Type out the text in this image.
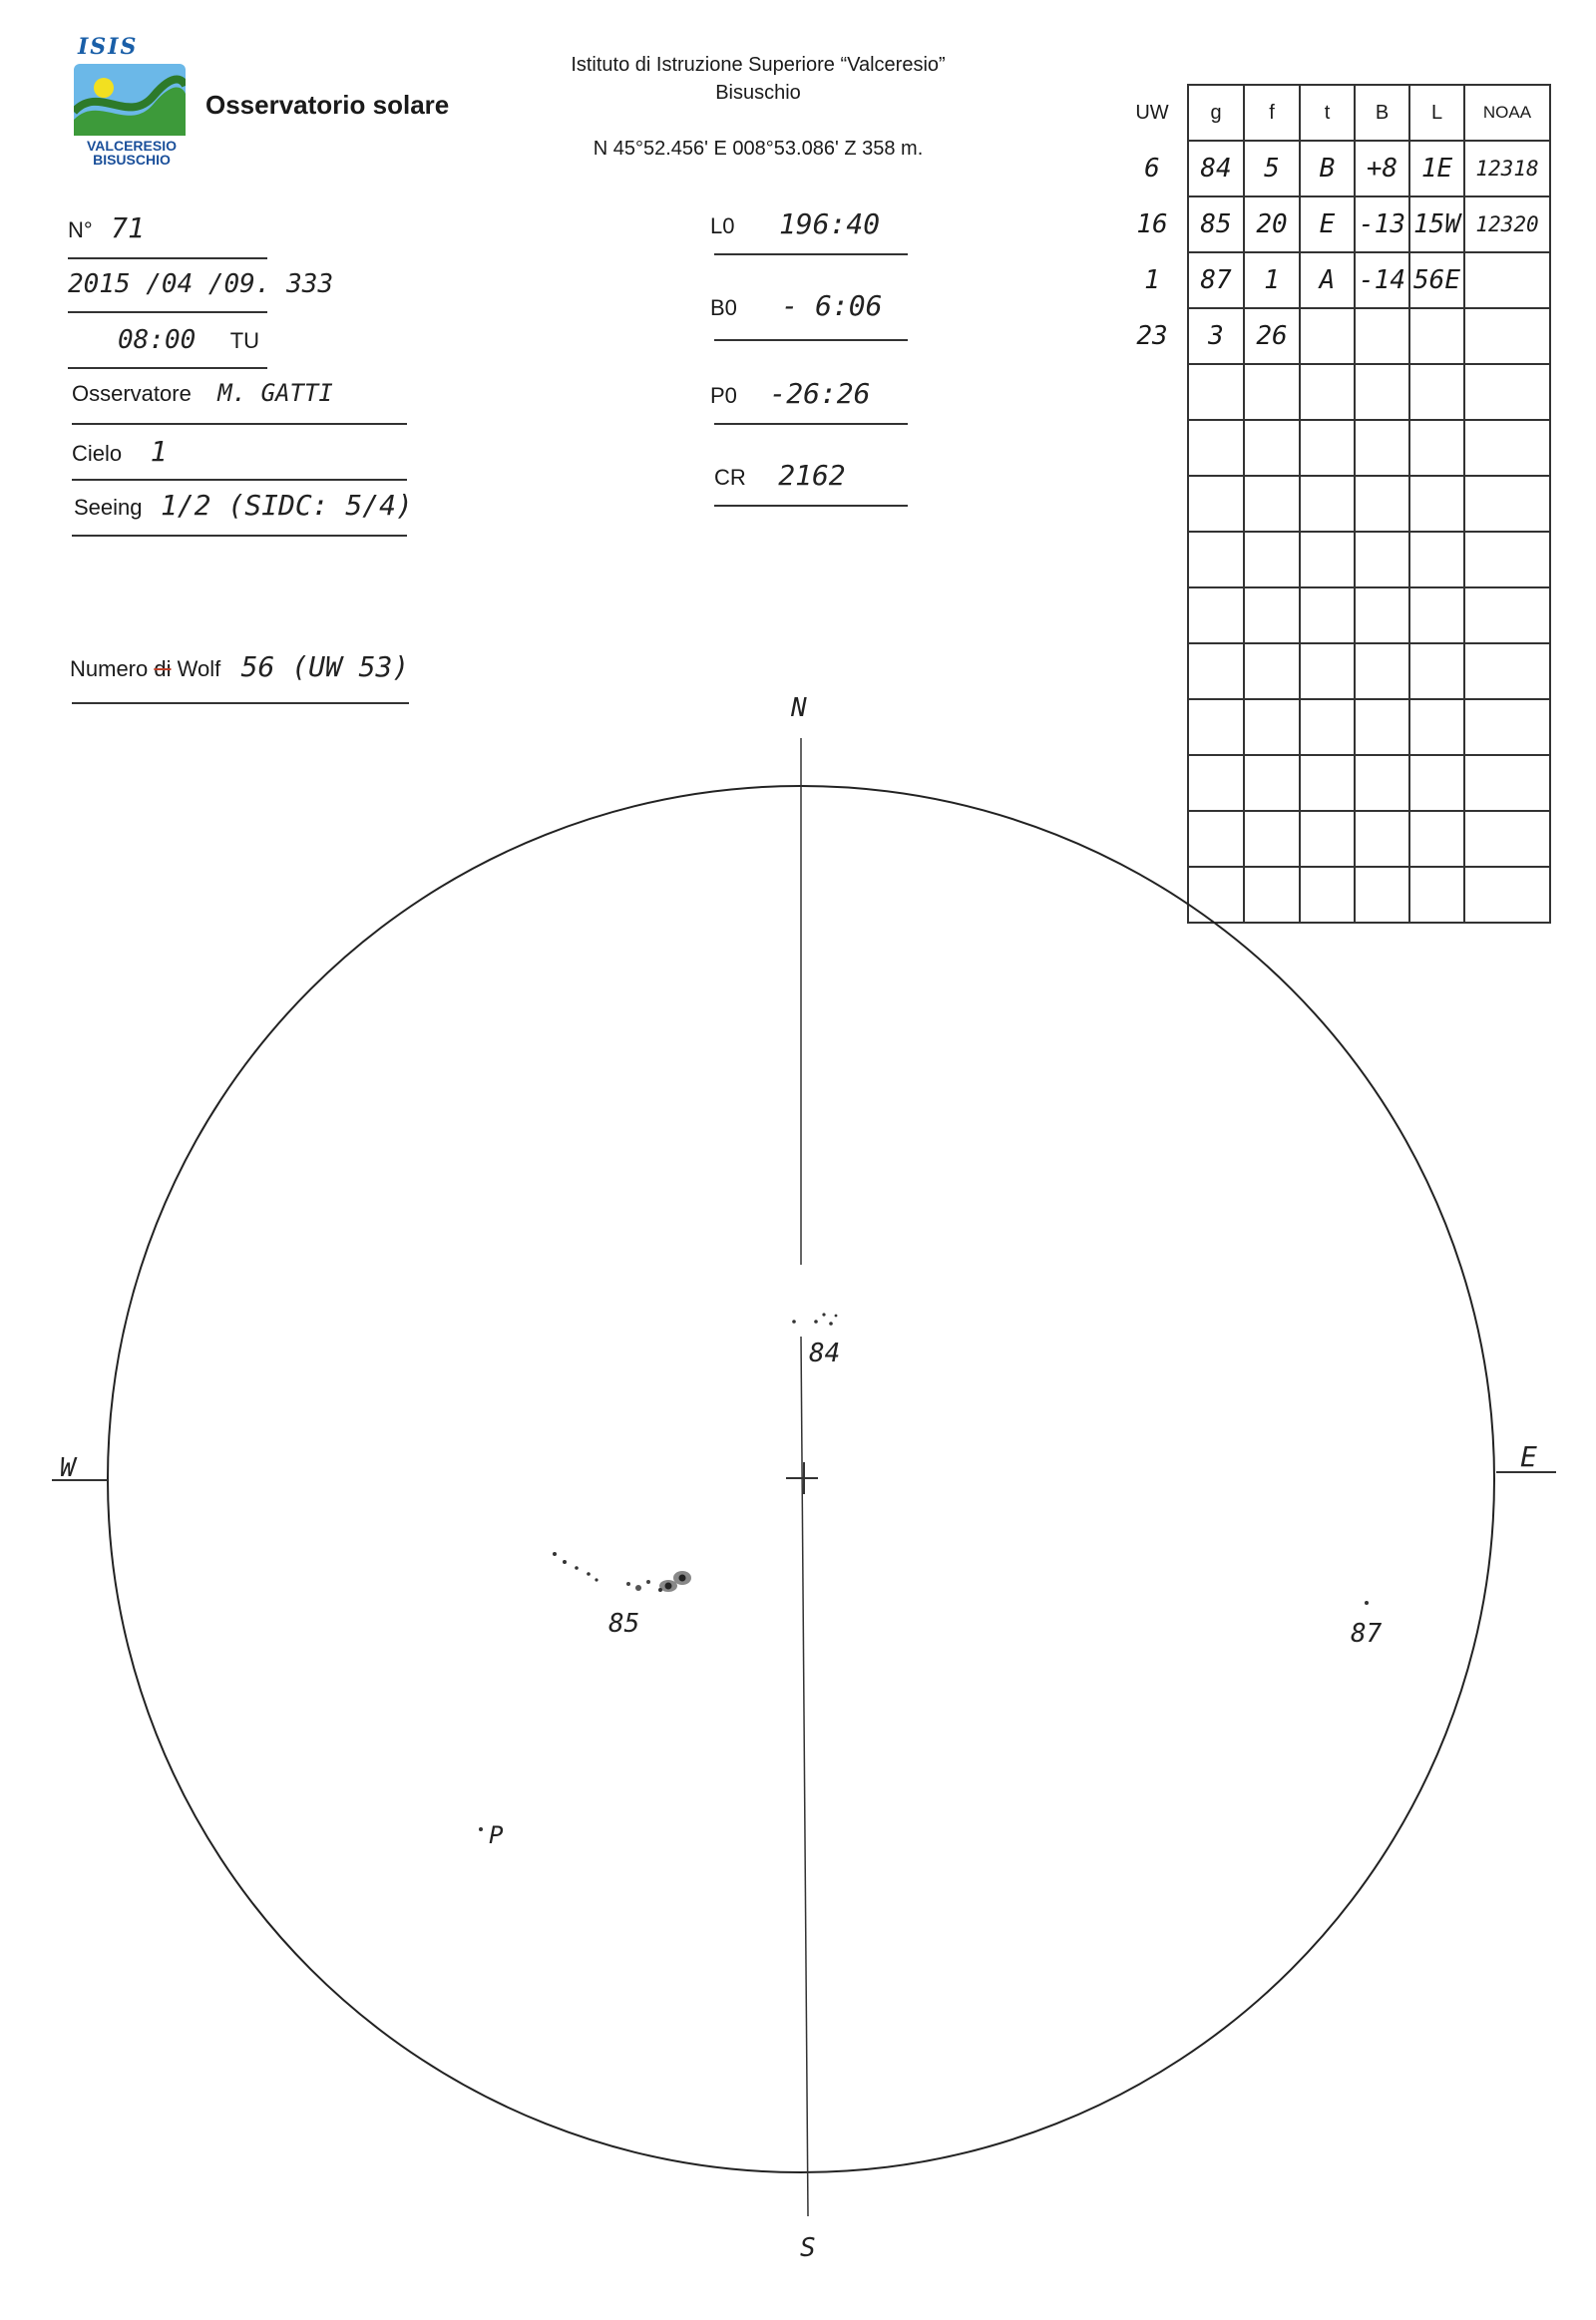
ISIS
VALCERESIO
BISUSCHIO
Osservatorio solare
Istituto di Istruzione Superiore “Valceresio”
Bisuschio
N 45°52.456' E 008°53.086' Z 358 m.
N° 71
2015 /04 /09. 333
08:00 TU
Osservatore M. GATTI
Cielo 1
Seeing 1/2 (SIDC: 5/4)
Numero di Wolf 56 (UW 53)
L0 196:40
B0 - 6:06
P0 -26:26
CR 2162
UW	g	f	t	B	L	NOAA
6	84	5	B	+8	1E	12318
16	85	20	E	-13	15W	12320
1	87	1	A	-14	56E	
23	3	26				

N
S
E
W
84
85	87
P
